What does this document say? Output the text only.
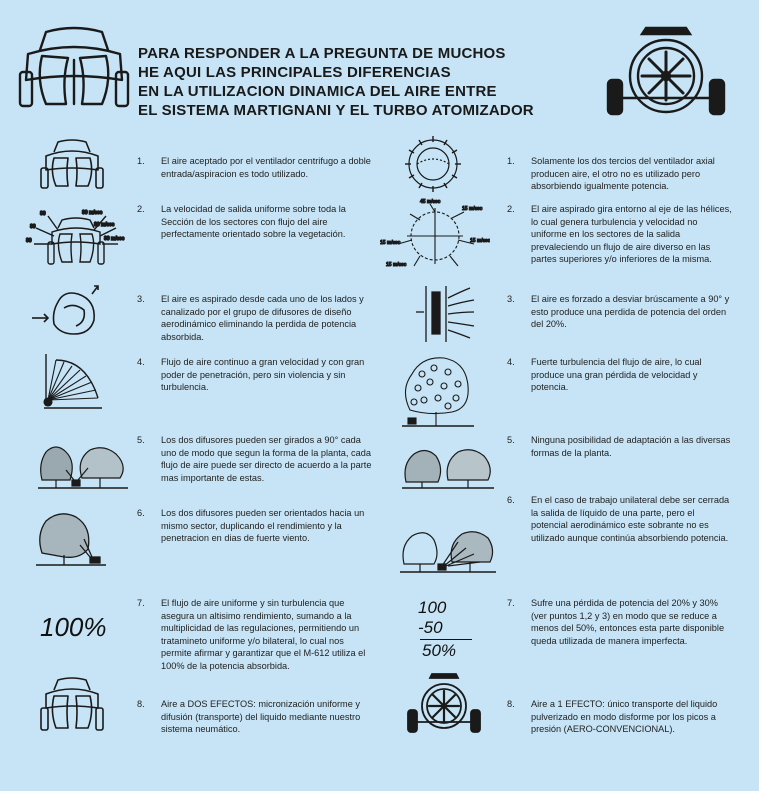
PARA RESPONDER A LA PREGUNTA DE MUCHOS
HE AQUI LAS PRINCIPALES DIFERENCIAS
EN LA UTILIZACION DINAMICA DEL AIRE ENTRE
EL SISTEMA MARTIGNANI Y EL TURBO ATOMIZADOR
1.	El aire aceptado por el ventilador centrifugo a doble entrada/aspiracion es todo utilizado.
80	80 m/sec
80 m/sec
80
80 m/sec
80
2.	La velocidad de salida uniforme sobre toda la Sección de los sectores con flujo del aire perfectamente orientado sobre la vegetación.
3.	El aire es aspirado desde cada uno de los lados y canalizado por el grupo de difusores de diseño aerodinámico eliminando la perdida de potencia absorbida.
4.	Flujo de aire continuo a gran velocidad y con gran poder de penetración, pero sin violencia y sin turbulencia.
5.	Los dos difusores pueden ser girados a 90° cada uno de modo que segun la forma de la planta, cada flujo de aire puede ser directo de acuerdo a la parte mas importante de estas.
6.	Los dos difusores pueden ser orientados hacia un mismo sector, duplicando el rendimiento y la penetracion en dias de fuerte viento.
100%
7.	El flujo de aire uniforme y sin turbulencia que asegura un altisimo rendimiento, sumando a la multiplicidad de las regulaciones, permitiendo un tratamineto uniforme y/o bilateral, lo cual nos permite afirmar y garantizar que el M-612 utiliza el 100% de la potencia absorbida.
8.	Aire a DOS EFECTOS: micronización uniforme y difusión (transporte) del liquido mediante nuestro sistema neumático.
1.	Solamente los dos tercios del ventilador axial producen aire, el otro no es utilizado pero absorbiendo igualmente potencia.
45 m/sec
15 m/sec
15 m/sec
15 m/sec
15 m/sec
2.	El aire aspirado gira entorno al eje de las hélices, lo cual genera turbulencia y velocidad no uniforme en los sectores de la salida prevaleciendo un flujo de aire diverso en las partes superiores y/o inferiores de la misma.
3.	El aire es forzado a desviar brúscamente a 90° y esto produce una perdida de potencia del orden del 20%.
4.	Fuerte turbulencia del flujo de aire, lo cual produce una gran pérdida de velocidad y potencia.
5.	Ninguna posibilidad de adaptación a las diversas formas de la planta.
6.	En el caso de trabajo unilateral debe ser cerrada la salida de líquido de una parte, pero el potencial aerodinámico este sobrante no es utilizado aunque continúa absorbiendo potencia.
100
-50
50%
7.	Sufre una pérdida de potencia del 20% y 30% (ver puntos 1,2 y 3) en modo que se reduce a menos del 50%, entonces esta parte disponible queda utilizada de manera imperfecta.
8.	Aire a 1 EFECTO: único transporte del liquido pulverizado en modo disforme por los picos a presión (AERO-CONVENCIONAL).
